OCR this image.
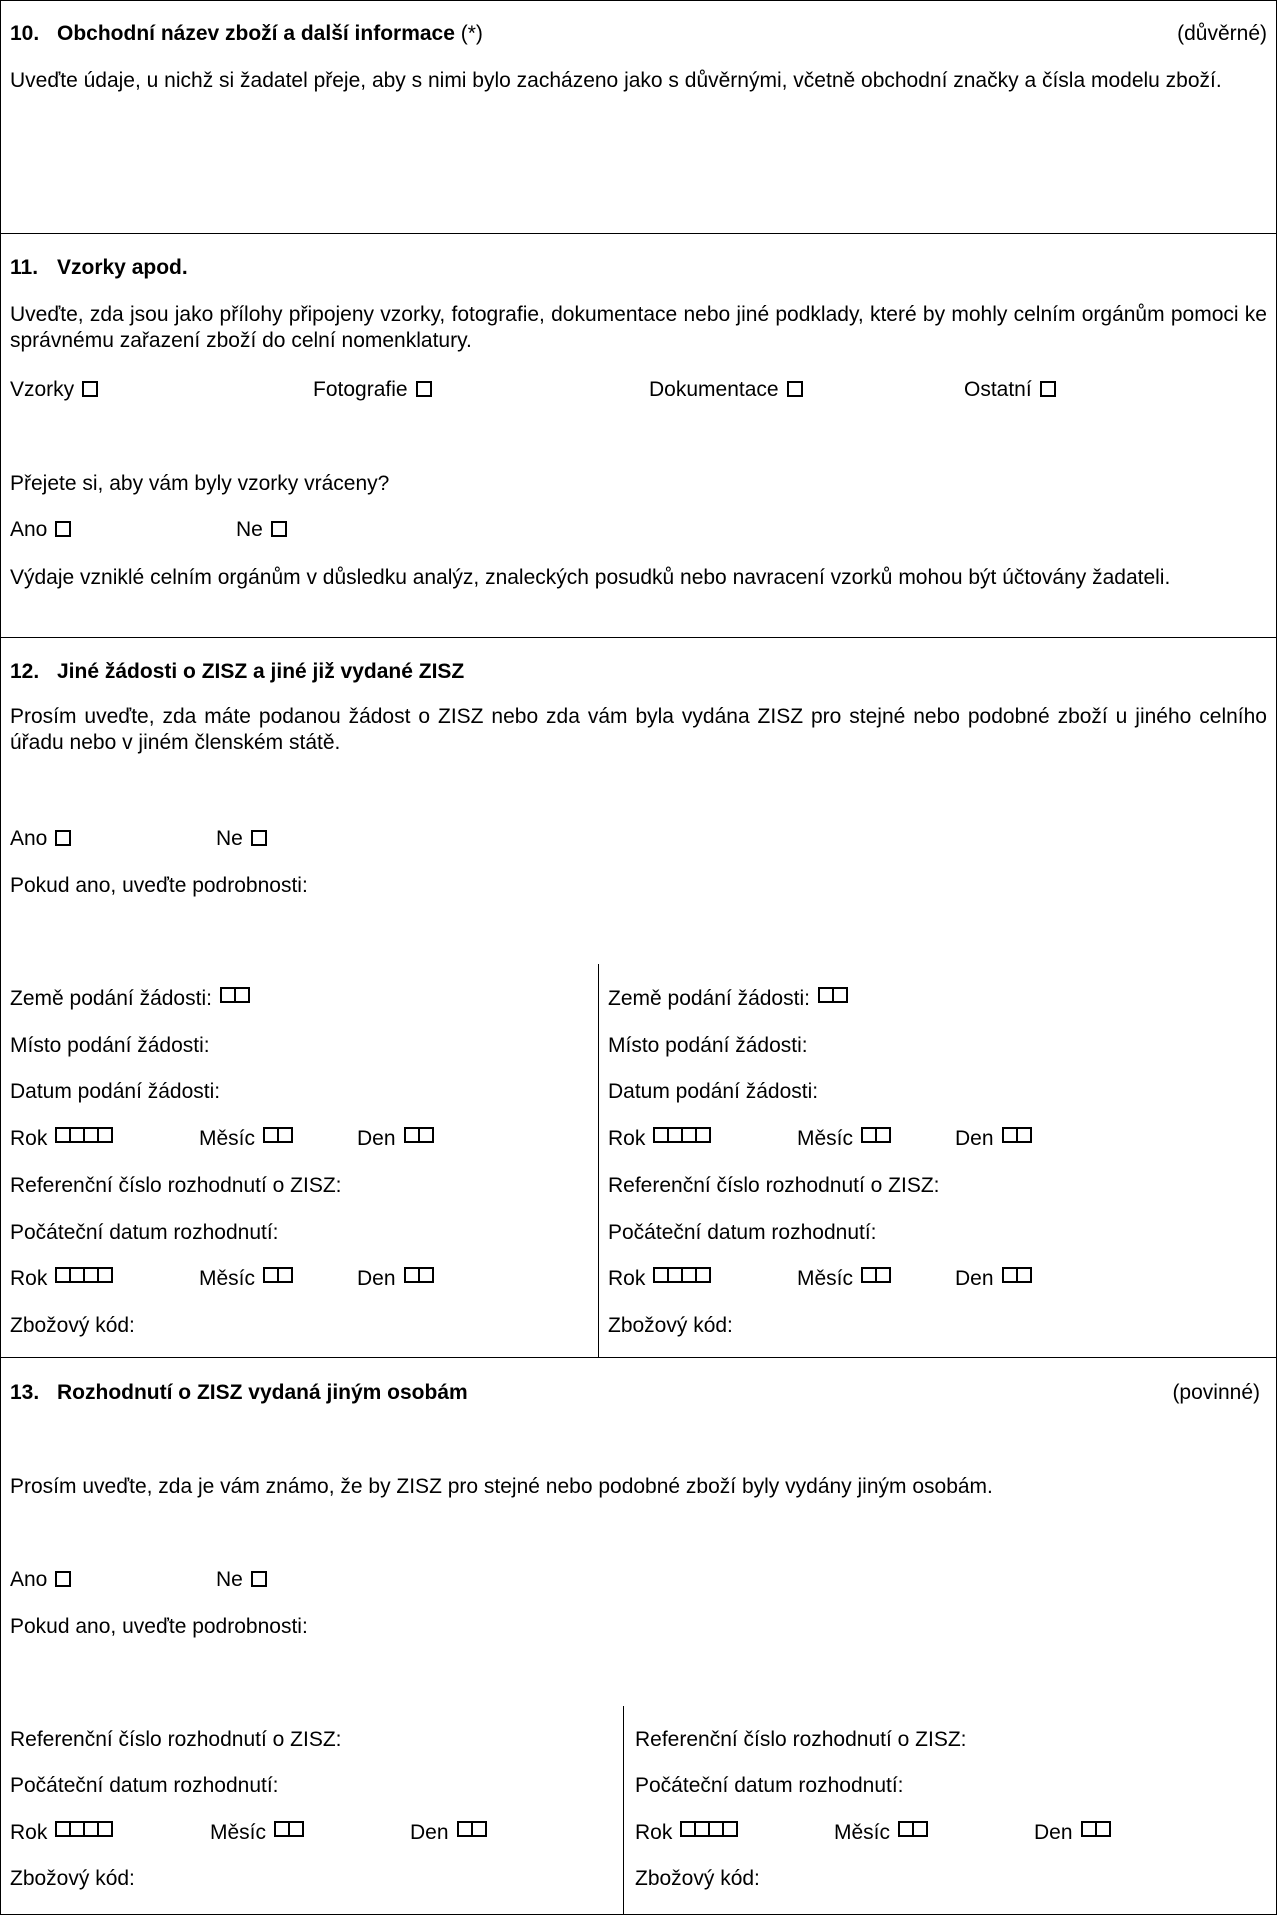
10. Obchodní název zboží a další informace (*)	(důvěrné)
Uveďte údaje, u nichž si žadatel přeje, aby s nimi bylo zacházeno jako s důvěrnými, včetně obchodní značky a čísla modelu zboží.
11. Vzorky apod.
Uveďte, zda jsou jako přílohy připojeny vzorky, fotografie, dokumentace nebo jiné podklady, které by mohly celním orgánům pomoci ke správnému zařazení zboží do celní nomenklatury.
Vzorky	Fotografie	Dokumentace	Ostatní
Přejete si, aby vám byly vzorky vráceny?
Ano	Ne
Výdaje vzniklé celním orgánům v důsledku analýz, znaleckých posudků nebo navracení vzorků mohou být účtovány žadateli.
12. Jiné žádosti o ZISZ a jiné již vydané ZISZ
Prosím uveďte, zda máte podanou žádost o ZISZ nebo zda vám byla vydána ZISZ pro stejné nebo podobné zboží u jiného celního úřadu nebo v jiném členském státě.
Ano	Ne
Pokud ano, uveďte podrobnosti:
Země podání žádosti:
Místo podání žádosti:
Datum podání žádosti:
Rok	Měsíc	Den
Referenční číslo rozhodnutí o ZISZ:
Počáteční datum rozhodnutí:
Rok	Měsíc	Den
Zbožový kód:
Země podání žádosti:
Místo podání žádosti:
Datum podání žádosti:
Rok	Měsíc	Den
Referenční číslo rozhodnutí o ZISZ:
Počáteční datum rozhodnutí:
Rok	Měsíc	Den
Zbožový kód:
13. Rozhodnutí o ZISZ vydaná jiným osobám	(povinné)
Prosím uveďte, zda je vám známo, že by ZISZ pro stejné nebo podobné zboží byly vydány jiným osobám.
Ano	Ne
Pokud ano, uveďte podrobnosti:
Referenční číslo rozhodnutí o ZISZ:
Počáteční datum rozhodnutí:
Rok	Měsíc	Den
Zbožový kód:
Referenční číslo rozhodnutí o ZISZ:
Počáteční datum rozhodnutí:
Rok	Měsíc	Den
Zbožový kód:
